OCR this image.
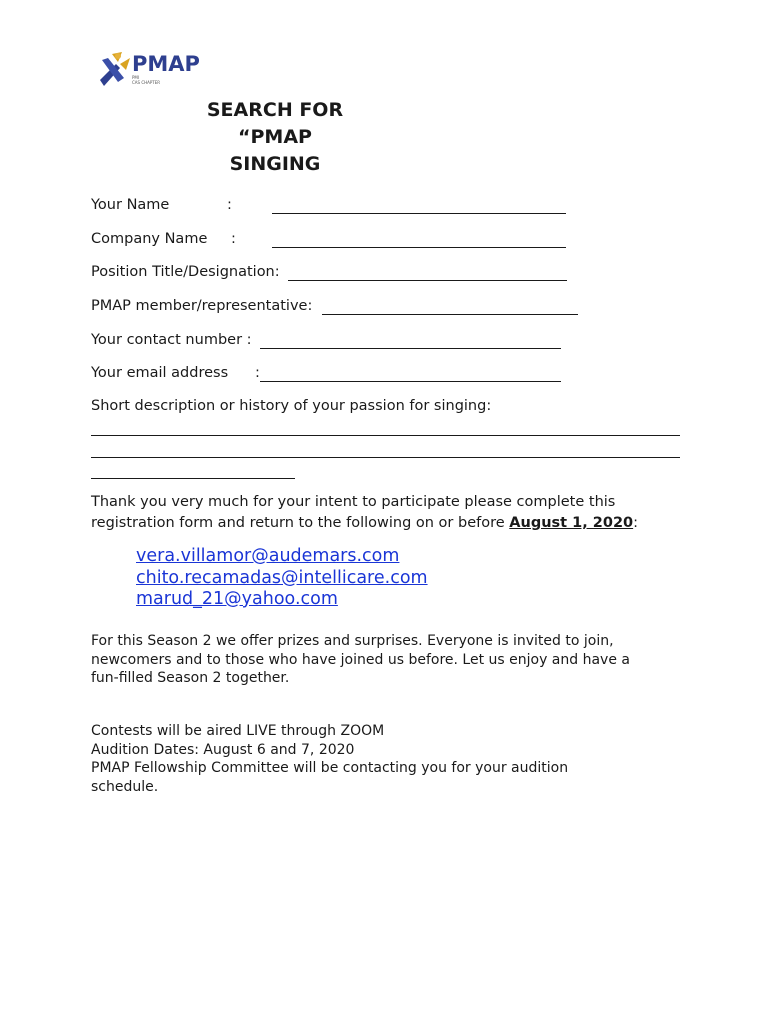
PMAP
PMI
CAS CHAPTER
SEARCH FOR
“PMAP
SINGING
Your Name	:
Company Name :
Position Title/Designation:
PMAP member/representative:
Your contact number :
Your email address :
Short description or history of your passion for singing:
Thank you very much for your intent to participate please complete this
registration form and return to the following on or before August 1, 2020:
vera.villamor@audemars.com
chito.recamadas@intellicare.com
marud_21@yahoo.com
For this Season 2 we offer prizes and surprises. Everyone is invited to join,
newcomers and to those who have joined us before. Let us enjoy and have a
fun-filled Season 2 together.
Contests will be aired LIVE through ZOOM
Audition Dates: August 6 and 7, 2020
PMAP Fellowship Committee will be contacting you for your audition
schedule.
